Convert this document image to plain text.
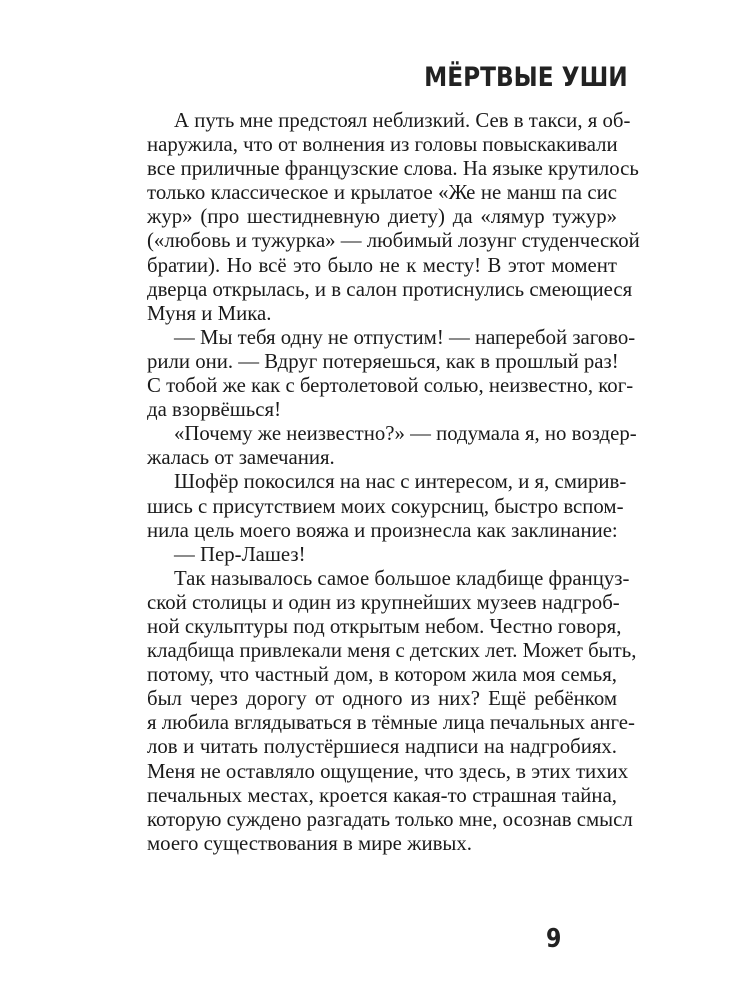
МЁРТВЫЕ УШИ
А путь мне предстоял неблизкий. Сев в такси, я об-
наружила, что от волнения из головы повыскакивали
все приличные французские слова. На языке крутилось
только классическое и крылатое «Же не манш па сис
жур» (про шестидневную диету) да «лямур тужур»
(«любовь и тужурка» — любимый лозунг студенческой
братии). Но всё это было не к месту! В этот момент
дверца открылась, и в салон протиснулись смеющиеся
Муня и Мика.
— Мы тебя одну не отпустим! — наперебой загово-
рили они. — Вдруг потеряешься, как в прошлый раз!
С тобой же как с бертолетовой солью, неизвестно, ког-
да взорвёшься!
«Почему же неизвестно?» — подумала я, но воздер-
жалась от замечания.
Шофёр покосился на нас с интересом, и я, смирив-
шись с присутствием моих сокурсниц, быстро вспом-
нила цель моего вояжа и произнесла как заклинание:
— Пер-Лашез!
Так называлось самое большое кладбище француз-
ской столицы и один из крупнейших музеев надгроб-
ной скульптуры под открытым небом. Честно говоря,
кладбища привлекали меня с детских лет. Может быть,
потому, что частный дом, в котором жила моя семья,
был через дорогу от одного из них? Ещё ребёнком
я любила вглядываться в тёмные лица печальных анге-
лов и читать полустёршиеся надписи на надгробиях.
Меня не оставляло ощущение, что здесь, в этих тихих
печальных местах, кроется какая-то страшная тайна,
которую суждено разгадать только мне, осознав смысл
моего существования в мире живых.
9
